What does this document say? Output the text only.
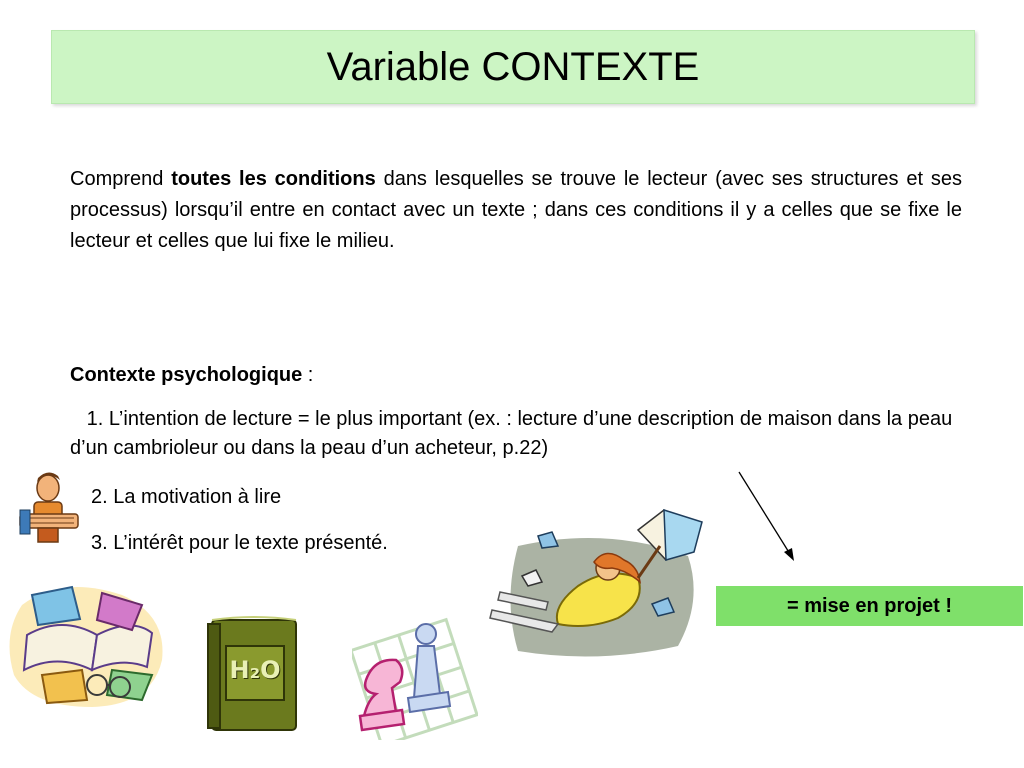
Variable CONTEXTE

Comprend toutes les conditions dans lesquelles se trouve le lecteur (avec ses structures et ses processus) lorsqu’il entre en contact avec un texte ; dans ces conditions il y a celles que se fixe le lecteur et celles que lui fixe le milieu.

Contexte psychologique :

1. L’intention de lecture = le plus important (ex. : lecture d’une description de maison dans la peau d’un cambrioleur ou dans la peau d’un acheteur, p.22)

2. La motivation à lire
3. L’intérêt pour le texte présenté.
= mise en projet !
H₂O
